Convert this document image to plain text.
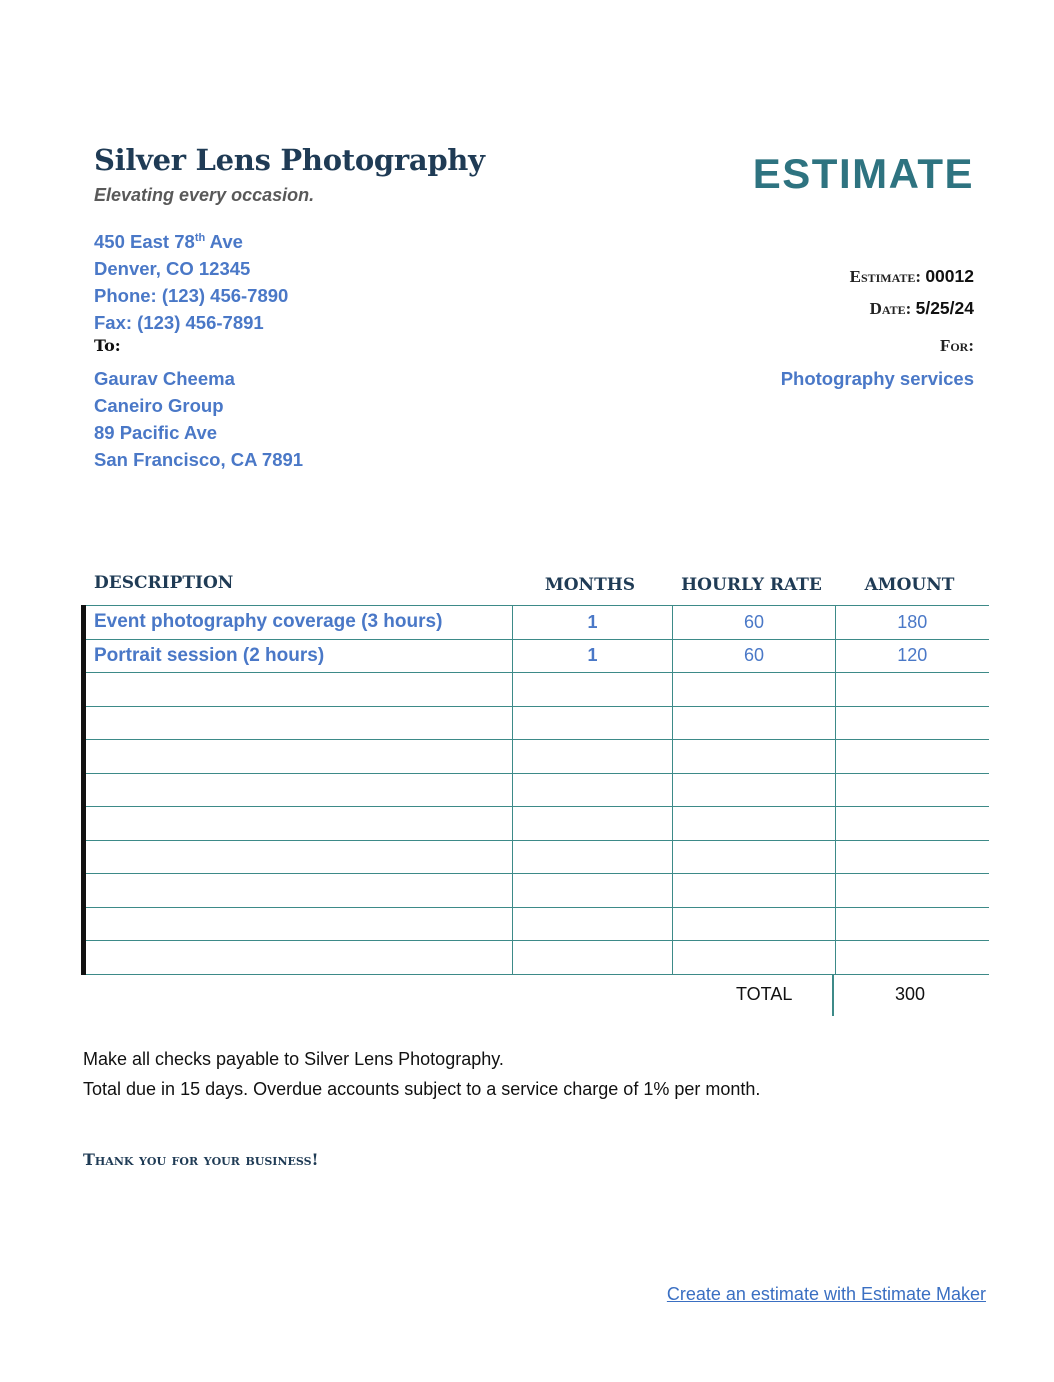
Silver Lens Photography
Elevating every occasion.	ESTIMATE
450 East 78th Ave
Denver, CO 12345
Phone: (123) 456-7890
Fax: (123) 456-7891
To:
Gaurav Cheema
Caneiro Group
89 Pacific Ave
San Francisco, CA 7891
Estimate: 00012
Date: 5/25/24
For:
Photography services
DESCRIPTION	MONTHS	HOURLY RATE	AMOUNT
Event photography coverage (3 hours)	1	60	180
Portrait session (2 hours)	1	60	120

TOTAL	300
Make all checks payable to Silver Lens Photography.
Total due in 15 days. Overdue accounts subject to a service charge of 1% per month.
Thank you for your business!
Create an estimate with Estimate Maker
